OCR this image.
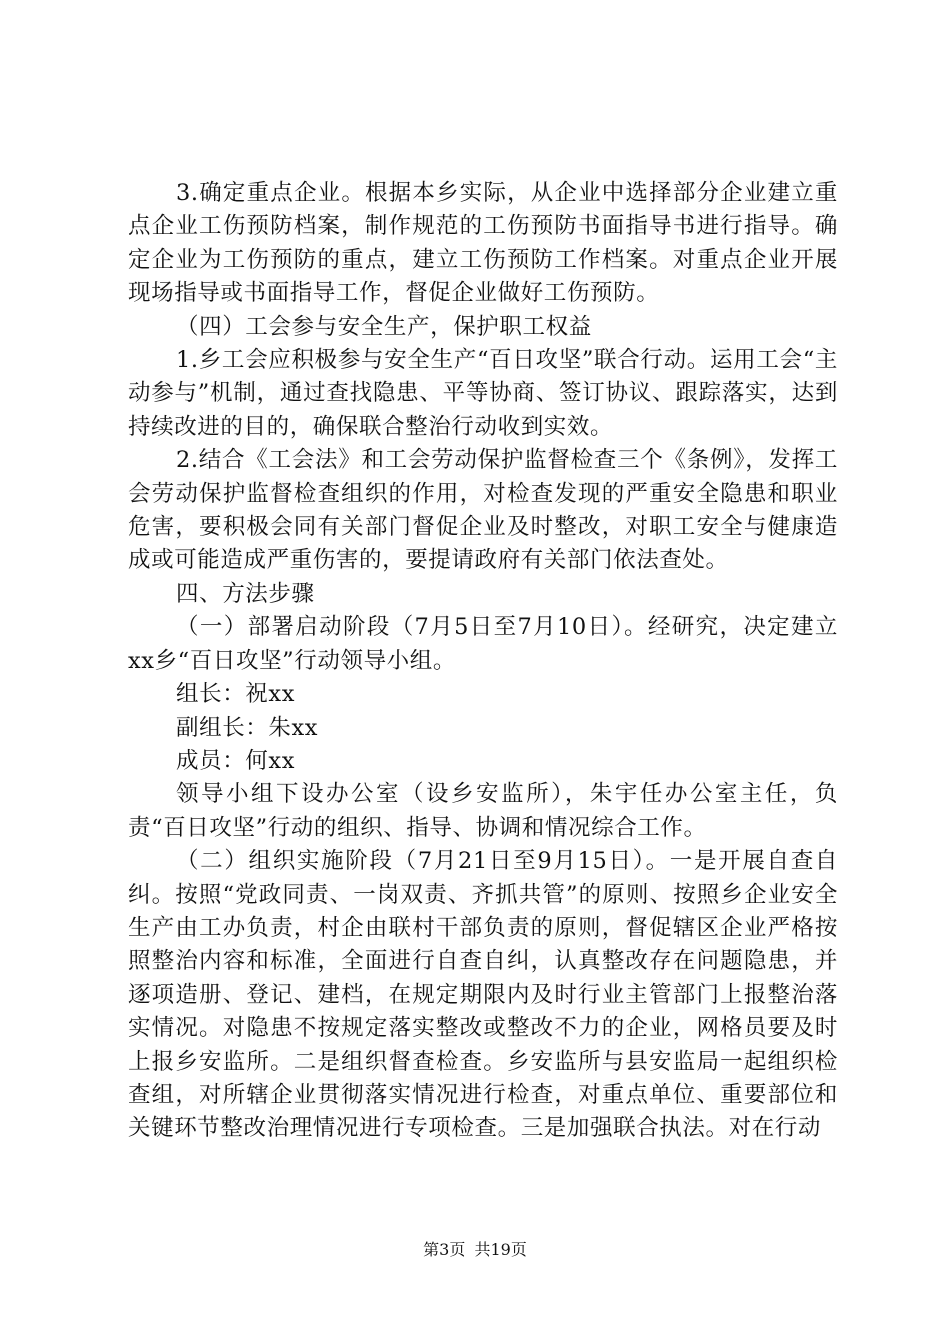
3.确定重点企业。根据本乡实际，从企业中选择部分企业建立重点企业工伤预防档案，制作规范的工伤预防书面指导书进行指导。确定企业为工伤预防的重点，建立工伤预防工作档案。对重点企业开展现场指导或书面指导工作，督促企业做好工伤预防。

（四）工会参与安全生产，保护职工权益

1.乡工会应积极参与安全生产“百日攻坚”联合行动。运用工会“主动参与”机制，通过查找隐患、平等协商、签订协议、跟踪落实，达到持续改进的目的，确保联合整治行动收到实效。

2.结合《工会法》和工会劳动保护监督检查三个《条例》，发挥工会劳动保护监督检查组织的作用，对检查发现的严重安全隐患和职业危害，要积极会同有关部门督促企业及时整改，对职工安全与健康造成或可能造成严重伤害的，要提请政府有关部门依法查处。

四、方法步骤

（一）部署启动阶段（7月5日至7月10日）。经研究，决定建立xx乡“百日攻坚”行动领导小组。

组长：祝xx

副组长：朱xx

成员：何xx

领导小组下设办公室（设乡安监所），朱宇任办公室主任，负责“百日攻坚”行动的组织、指导、协调和情况综合工作。

（二）组织实施阶段（7月21日至9月15日）。一是开展自查自纠。按照“党政同责、一岗双责、齐抓共管”的原则、按照乡企业安全生产由工办负责，村企由联村干部负责的原则，督促辖区企业严格按照整治内容和标准，全面进行自查自纠，认真整改存在问题隐患，并逐项造册、登记、建档，在规定期限内及时行业主管部门上报整治落实情况。对隐患不按规定落实整改或整改不力的企业，网格员要及时上报乡安监所。二是组织督查检查。乡安监所与县安监局一起组织检查组，对所辖企业贯彻落实情况进行检查，对重点单位、重要部位和关键环节整改治理情况进行专项检查。三是加强联合执法。对在行动

第3页 共19页
